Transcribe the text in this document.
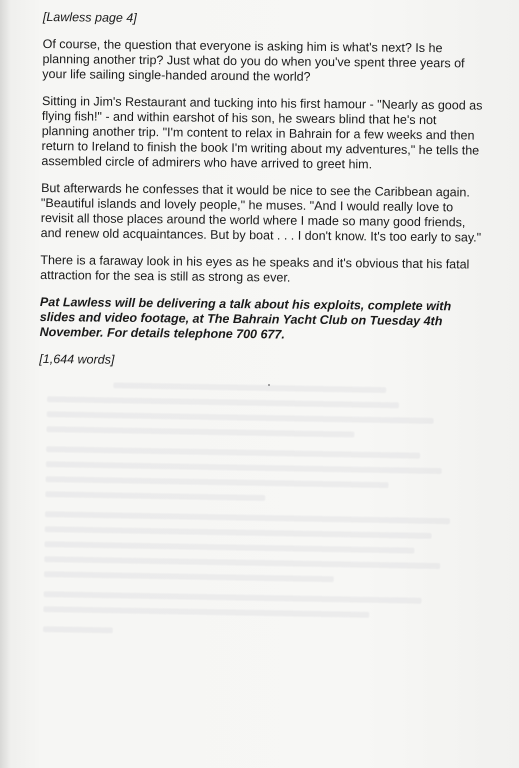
[Lawless page 4]

Of course, the question that everyone is asking him is what's next? Is he planning another trip? Just what do you do when you've spent three years of your life sailing single-handed around the world?

Sitting in Jim's Restaurant and tucking into his first hamour - "Nearly as good as flying fish!" - and within earshot of his son, he swears blind that he's not planning another trip. "I'm content to relax in Bahrain for a few weeks and then return to Ireland to finish the book I'm writing about my adventures," he tells the assembled circle of admirers who have arrived to greet him.

But afterwards he confesses that it would be nice to see the Caribbean again. "Beautiful islands and lovely people," he muses. "And I would really love to revisit all those places around the world where I made so many good friends, and renew old acquaintances. But by boat . . . I don't know. It's too early to say."

There is a faraway look in his eyes as he speaks and it's obvious that his fatal attraction for the sea is still as strong as ever.

Pat Lawless will be delivering a talk about his exploits, complete with slides and video footage, at The Bahrain Yacht Club on Tuesday 4th November. For details telephone 700 677.

[1,644 words]
